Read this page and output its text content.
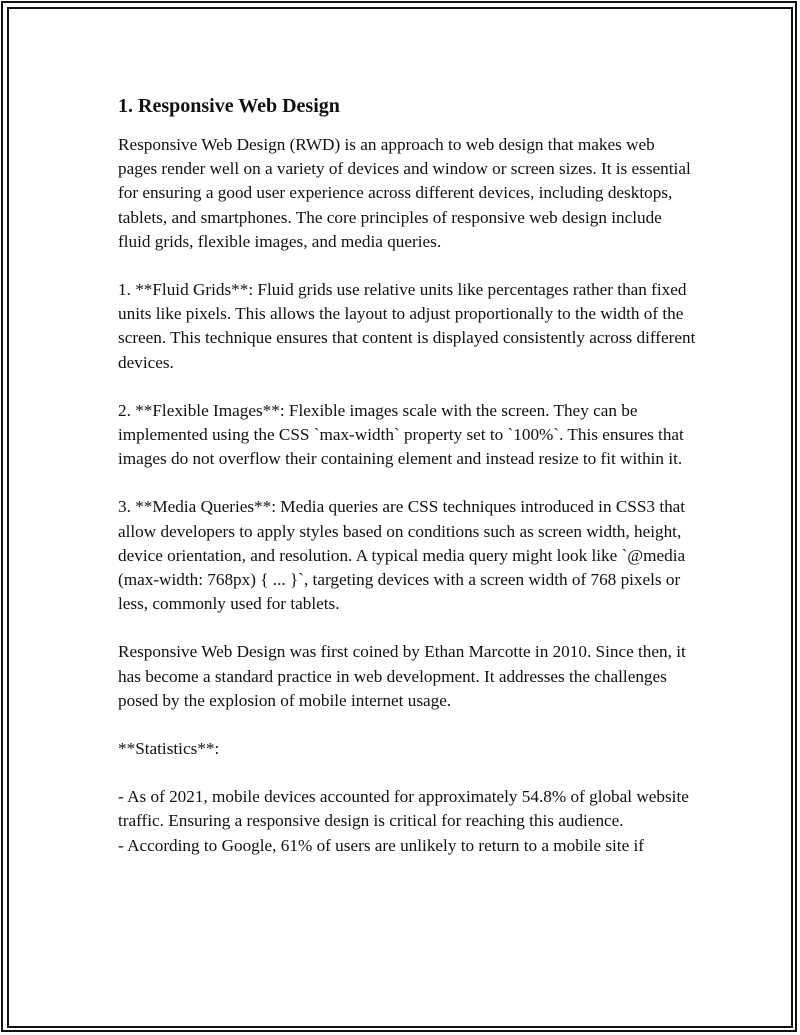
1. Responsive Web Design

Responsive Web Design (RWD) is an approach to web design that makes web pages render well on a variety of devices and window or screen sizes. It is essential for ensuring a good user experience across different devices, including desktops, tablets, and smartphones. The core principles of responsive web design include fluid grids, flexible images, and media queries.

1. **Fluid Grids**: Fluid grids use relative units like percentages rather than fixed units like pixels. This allows the layout to adjust proportionally to the width of the screen. This technique ensures that content is displayed consistently across different devices.

2. **Flexible Images**: Flexible images scale with the screen. They can be implemented using the CSS `max-width` property set to `100%`. This ensures that images do not overflow their containing element and instead resize to fit within it.

3. **Media Queries**: Media queries are CSS techniques introduced in CSS3 that allow developers to apply styles based on conditions such as screen width, height, device orientation, and resolution. A typical media query might look like `@media (max-width: 768px) { ... }`, targeting devices with a screen width of 768 pixels or less, commonly used for tablets.

Responsive Web Design was first coined by Ethan Marcotte in 2010. Since then, it has become a standard practice in web development. It addresses the challenges posed by the explosion of mobile internet usage.

**Statistics**:

- As of 2021, mobile devices accounted for approximately 54.8% of global website traffic. Ensuring a responsive design is critical for reaching this audience.

- According to Google, 61% of users are unlikely to return to a mobile site if
